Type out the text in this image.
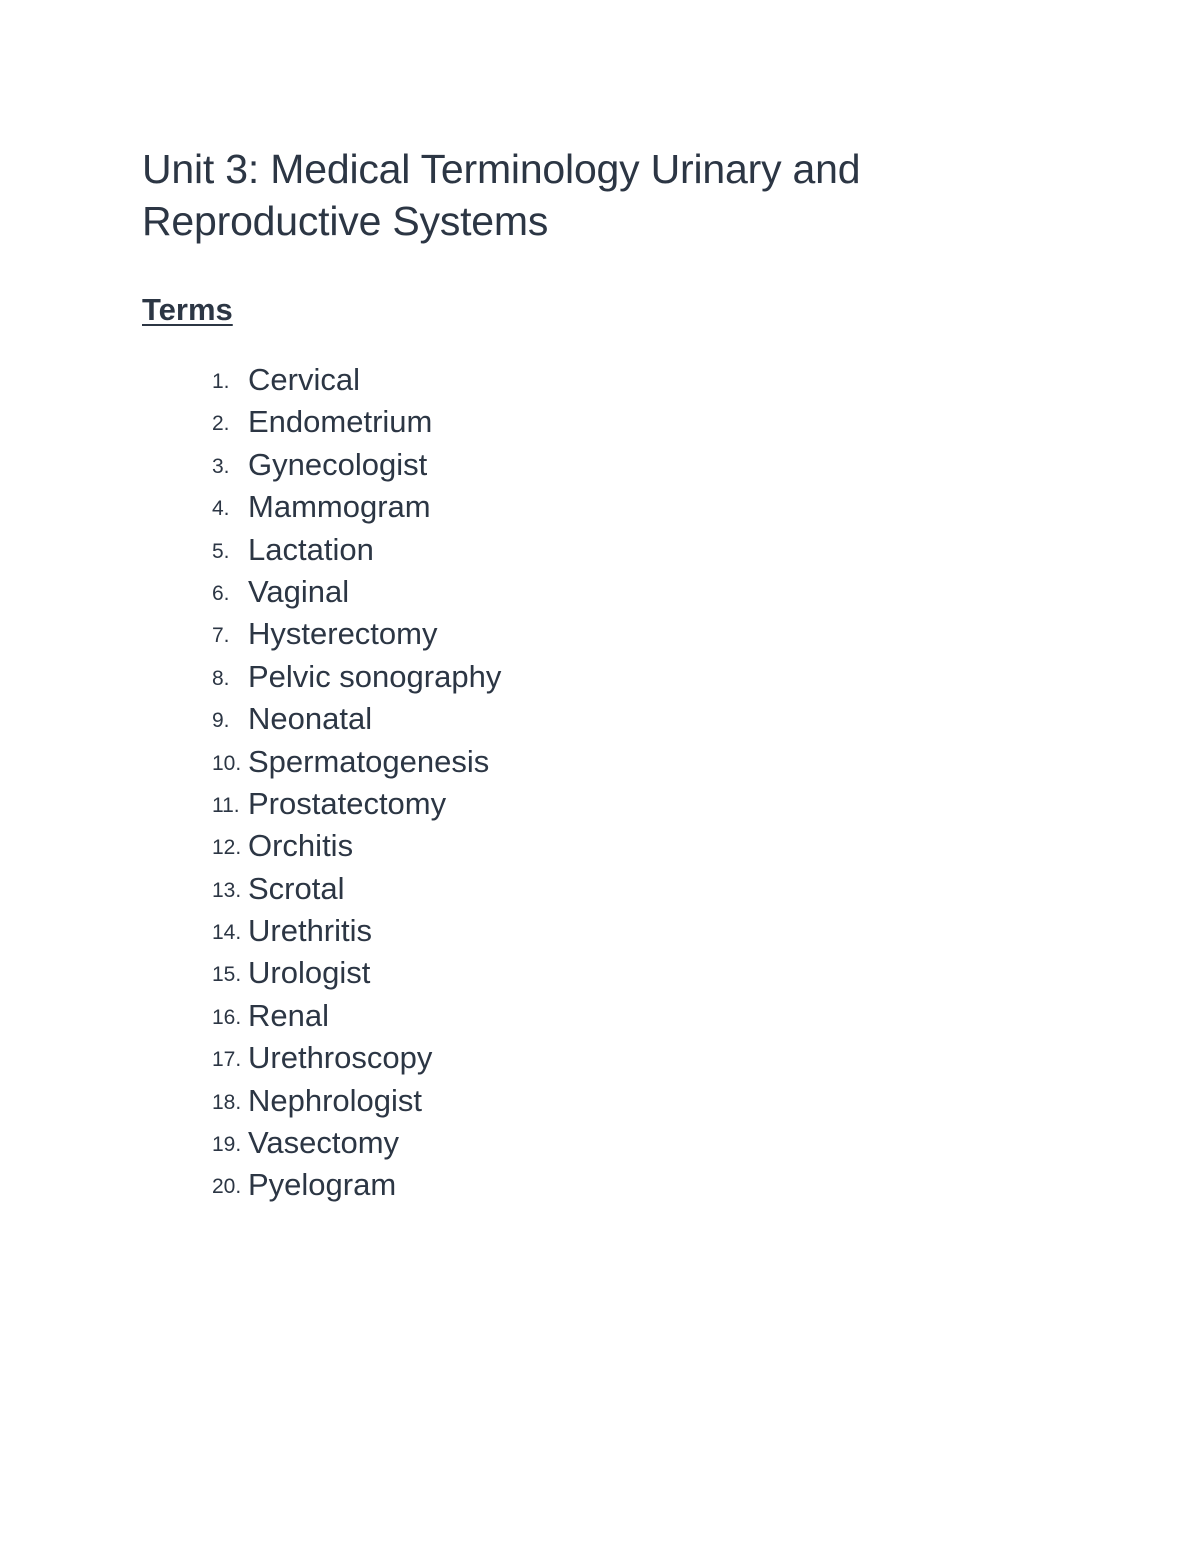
Unit 3: Medical Terminology Urinary and Reproductive Systems
Terms
1. Cervical
2. Endometrium
3. Gynecologist
4. Mammogram
5. Lactation
6. Vaginal
7. Hysterectomy
8. Pelvic sonography
9. Neonatal
10. Spermatogenesis
11. Prostatectomy
12. Orchitis
13. Scrotal
14. Urethritis
15. Urologist
16. Renal
17. Urethroscopy
18. Nephrologist
19. Vasectomy
20. Pyelogram
